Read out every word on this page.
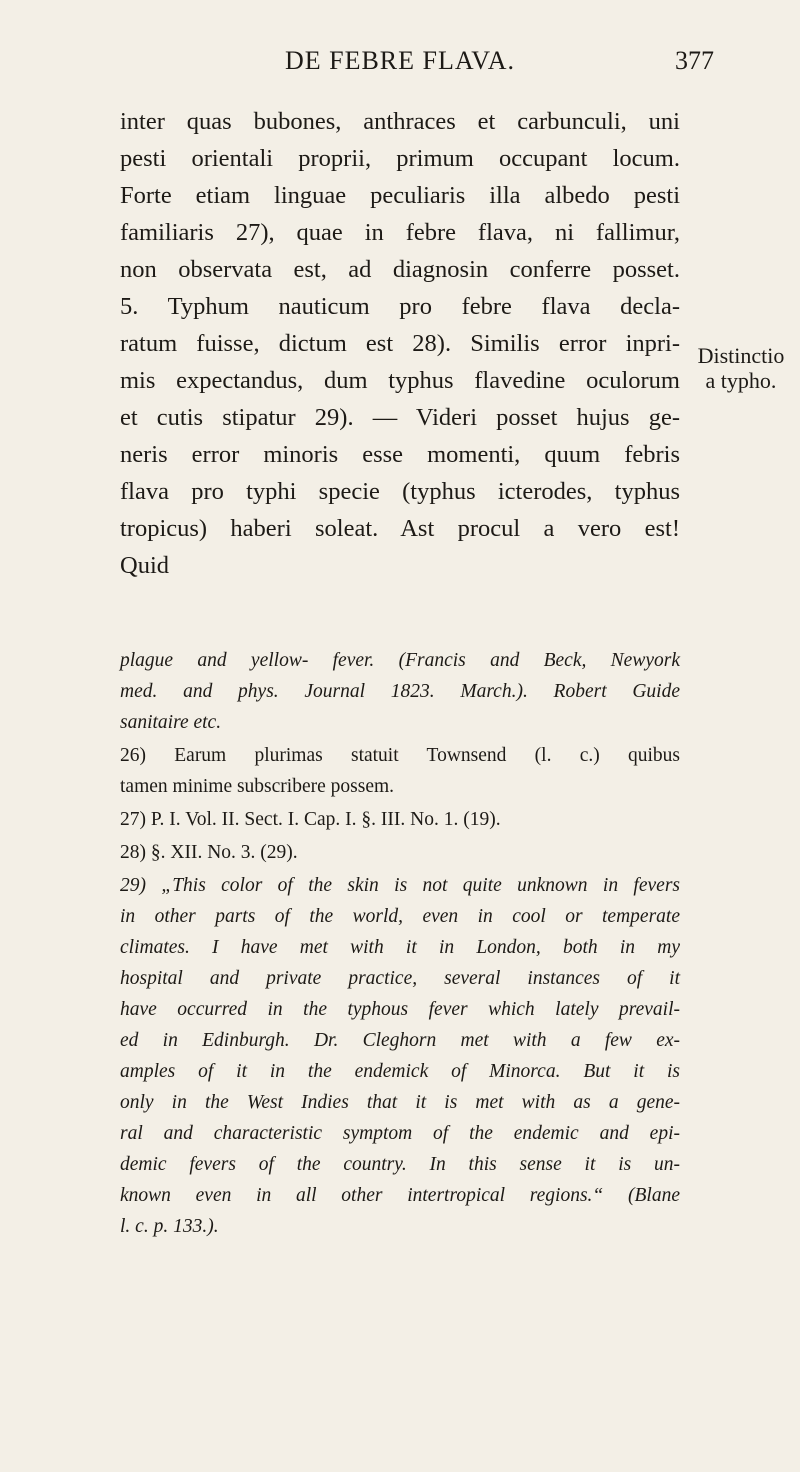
DE FEBRE FLAVA.	377
inter quas bubones, anthraces et carbunculi, uni
pesti orientali proprii, primum occupant locum.
Forte etiam linguae peculiaris illa albedo pesti
familiaris 27), quae in febre flava, ni fallimur,
non observata est, ad diagnosin conferre posset.
5. Typhum nauticum pro febre flava decla-
ratum fuisse, dictum est 28). Similis error inpri-
mis expectandus, dum typhus flavedine oculorum
et cutis stipatur 29). — Videri posset hujus ge-
neris error minoris esse momenti, quum febris
flava pro typhi specie (typhus icterodes, typhus
tropicus) haberi soleat. Ast procul a vero est!
Quid
Distinctio
a typho.
plague and yellow- fever. (Francis and Beck, Newyork
med. and phys. Journal 1823. March.). Robert Guide
sanitaire etc.
26) Earum plurimas statuit Townsend (l. c.) quibus
tamen minime subscribere possem.
27) P. I. Vol. II. Sect. I. Cap. I. §. III. No. 1. (19).
28) §. XII. No. 3. (29).
29) „This color of the skin is not quite unknown in fevers
in other parts of the world, even in cool or temperate
climates. I have met with it in London, both in my
hospital and private practice, several instances of it
have occurred in the typhous fever which lately prevail-
ed in Edinburgh. Dr. Cleghorn met with a few ex-
amples of it in the endemick of Minorca. But it is
only in the West Indies that it is met with as a gene-
ral and characteristic symptom of the endemic and epi-
demic fevers of the country. In this sense it is un-
known even in all other intertropical regions.“ (Blane
l. c. p. 133.).
